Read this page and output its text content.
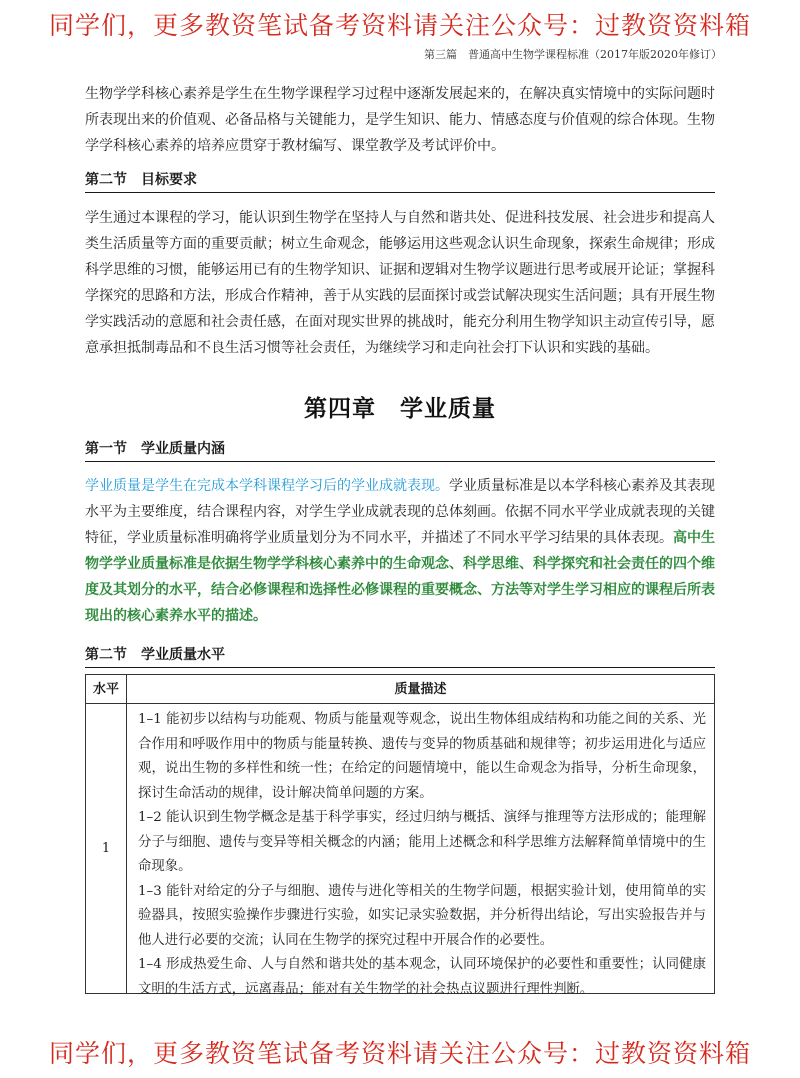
同学们，更多教资笔试备考资料请关注公众号：过教资资料箱
第三篇　普通高中生物学课程标准（2017年版2020年修订）
生物学学科核心素养是学生在生物学课程学习过程中逐渐发展起来的，在解决真实情境中的实际问题时所表现出来的价值观、必备品格与关键能力，是学生知识、能力、情感态度与价值观的综合体现。生物学学科核心素养的培养应贯穿于教材编写、课堂教学及考试评价中。
第二节　目标要求
学生通过本课程的学习，能认识到生物学在坚持人与自然和谐共处、促进科技发展、社会进步和提高人类生活质量等方面的重要贡献；树立生命观念，能够运用这些观念认识生命现象，探索生命规律；形成科学思维的习惯，能够运用已有的生物学知识、证据和逻辑对生物学议题进行思考或展开论证；掌握科学探究的思路和方法，形成合作精神，善于从实践的层面探讨或尝试解决现实生活问题；具有开展生物学实践活动的意愿和社会责任感，在面对现实世界的挑战时，能充分利用生物学知识主动宣传引导，愿意承担抵制毒品和不良生活习惯等社会责任，为继续学习和走向社会打下认识和实践的基础。
第四章　学业质量
第一节　学业质量内涵
学业质量是学生在完成本学科课程学习后的学业成就表现。学业质量标准是以本学科核心素养及其表现水平为主要维度，结合课程内容，对学生学业成就表现的总体刻画。依据不同水平学业成就表现的关键特征，学业质量标准明确将学业质量划分为不同水平，并描述了不同水平学习结果的具体表现。高中生物学学业质量标准是依据生物学学科核心素养中的生命观念、科学思维、科学探究和社会责任的四个维度及其划分的水平，结合必修课程和选择性必修课程的重要概念、方法等对学生学习相应的课程后所表现出的核心素养水平的描述。
第二节　学业质量水平
水平	质量描述
1

1–1 能初步以结构与功能观、物质与能量观等观念，说出生物体组成结构和功能之间的关系、光合作用和呼吸作用中的物质与能量转换、遗传与变异的物质基础和规律等；初步运用进化与适应观，说出生物的多样性和统一性；在给定的问题情境中，能以生命观念为指导，分析生命现象，探讨生命活动的规律，设计解决简单问题的方案。

1–2 能认识到生物学概念是基于科学事实，经过归纳与概括、演绎与推理等方法形成的；能理解分子与细胞、遗传与变异等相关概念的内涵；能用上述概念和科学思维方法解释简单情境中的生命现象。

1–3 能针对给定的分子与细胞、遗传与进化等相关的生物学问题，根据实验计划，使用简单的实验器具，按照实验操作步骤进行实验，如实记录实验数据，并分析得出结论，写出实验报告并与他人进行必要的交流；认同在生物学的探究过程中开展合作的必要性。

1–4 形成热爱生命、人与自然和谐共处的基本观念，认同环境保护的必要性和重要性；认同健康文明的生活方式，远离毒品；能对有关生物学的社会热点议题进行理性判断。

同学们，更多教资笔试备考资料请关注公众号：过教资资料箱
